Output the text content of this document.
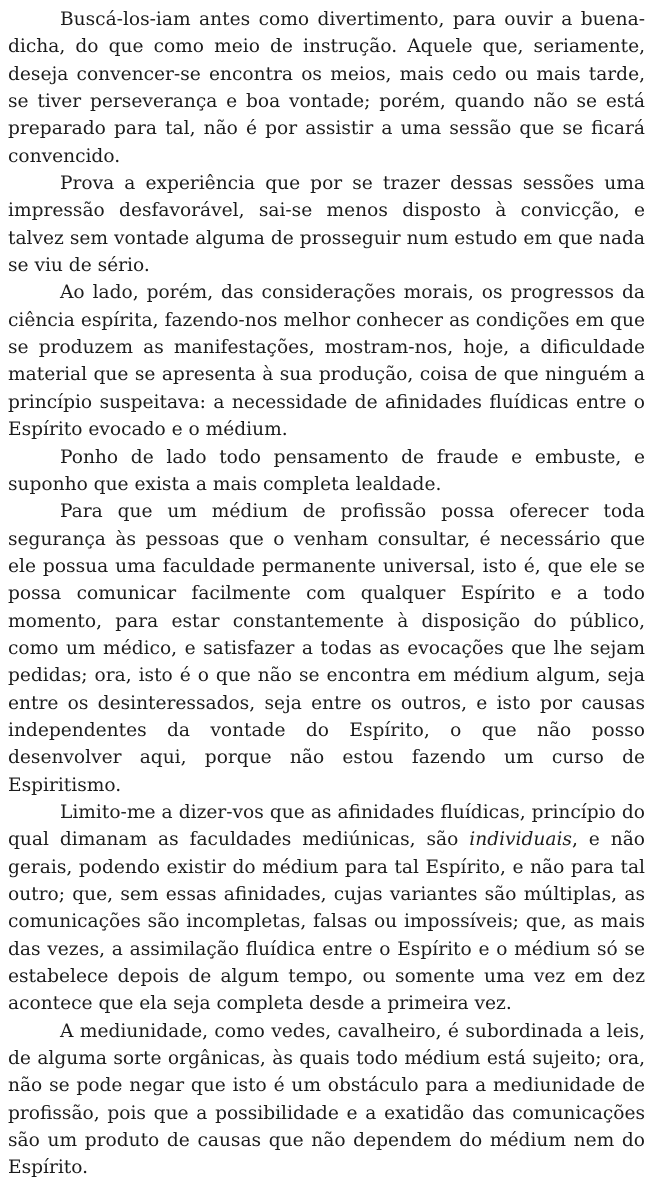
Buscá-los-iam antes como divertimento, para ouvir a buena-dicha, do que como meio de instrução. Aquele que, seriamente, deseja convencer-se encontra os meios, mais cedo ou mais tarde, se tiver perseverança e boa vontade; porém, quando não se está preparado para tal, não é por assistir a uma sessão que se ficará convencido.

Prova a experiência que por se trazer dessas sessões uma impressão desfavorável, sai-se menos disposto à convicção, e talvez sem vontade alguma de prosseguir num estudo em que nada se viu de sério.

Ao lado, porém, das considerações morais, os progressos da ciência espírita, fazendo-nos melhor conhecer as condições em que se produzem as manifestações, mostram-nos, hoje, a dificuldade material que se apresenta à sua produção, coisa de que ninguém a princípio suspeitava: a necessidade de afinidades fluídicas entre o Espírito evocado e o médium.

Ponho de lado todo pensamento de fraude e embuste, e suponho que exista a mais completa lealdade.

Para que um médium de profissão possa oferecer toda segurança às pessoas que o venham consultar, é necessário que ele possua uma faculdade permanente universal, isto é, que ele se possa comunicar facilmente com qualquer Espírito e a todo momento, para estar constantemente à disposição do público, como um médico, e satisfazer a todas as evocações que lhe sejam pedidas; ora, isto é o que não se encontra em médium algum, seja entre os desinteressados, seja entre os outros, e isto por causas independentes da vontade do Espírito, o que não posso desenvolver aqui, porque não estou fazendo um curso de Espiritismo.

Limito-me a dizer-vos que as afinidades fluídicas, princípio do qual dimanam as faculdades mediúnicas, são individuais, e não gerais, podendo existir do médium para tal Espírito, e não para tal outro; que, sem essas afinidades, cujas variantes são múltiplas, as comunicações são incompletas, falsas ou impossíveis; que, as mais das vezes, a assimilação fluídica entre o Espírito e o médium só se estabelece depois de algum tempo, ou somente uma vez em dez acontece que ela seja completa desde a primeira vez.

A mediunidade, como vedes, cavalheiro, é subordinada a leis, de alguma sorte orgânicas, às quais todo médium está sujeito; ora, não se pode negar que isto é um obstáculo para a mediunidade de profissão, pois que a possibilidade e a exatidão das comunicações são um produto de causas que não dependem do médium nem do Espírito.
